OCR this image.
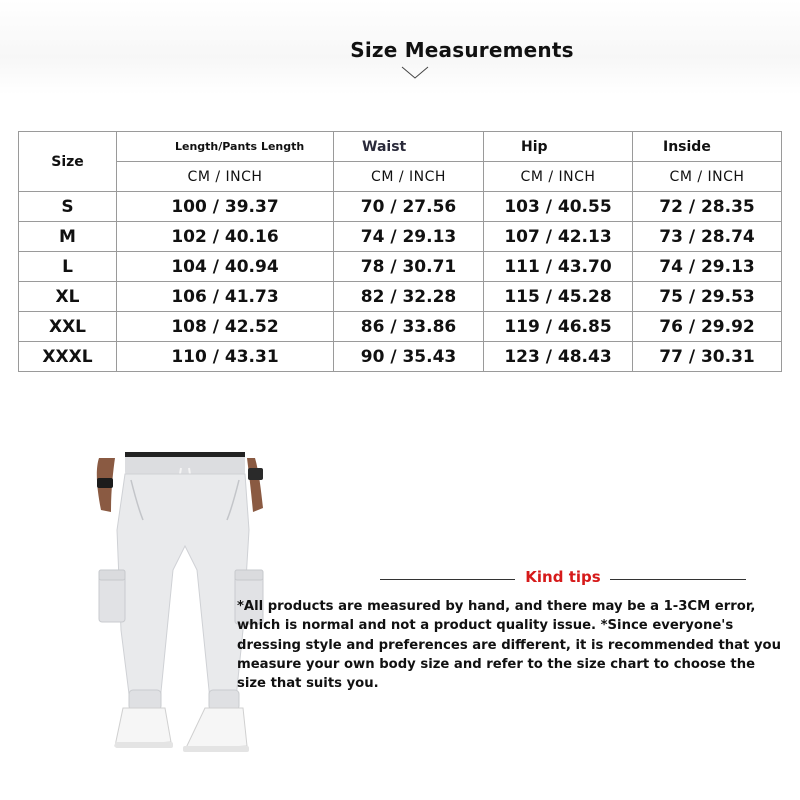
Size Measurements
Size	Length/Pants Length	Waist	Hip	Inside
	CM / INCH	CM / INCH	CM / INCH	CM / INCH
S	100 / 39.37	70 / 27.56	103 / 40.55	72 / 28.35
M	102 / 40.16	74 / 29.13	107 / 42.13	73 / 28.74
L	104 / 40.94	78 / 30.71	111 / 43.70	74 / 29.13
XL	106 / 41.73	82 / 32.28	115 / 45.28	75 / 29.53
XXL	108 / 42.52	86 / 33.86	119 / 46.85	76 / 29.92
XXXL	110 / 43.31	90 / 35.43	123 / 48.43	77 / 30.31
Kind tips
*All products are measured by hand, and there may be a 1-3CM error, which is normal and not a product quality issue. *Since everyone's dressing style and preferences are different, it is recommended that you measure your own body size and refer to the size chart to choose the size that suits you.
